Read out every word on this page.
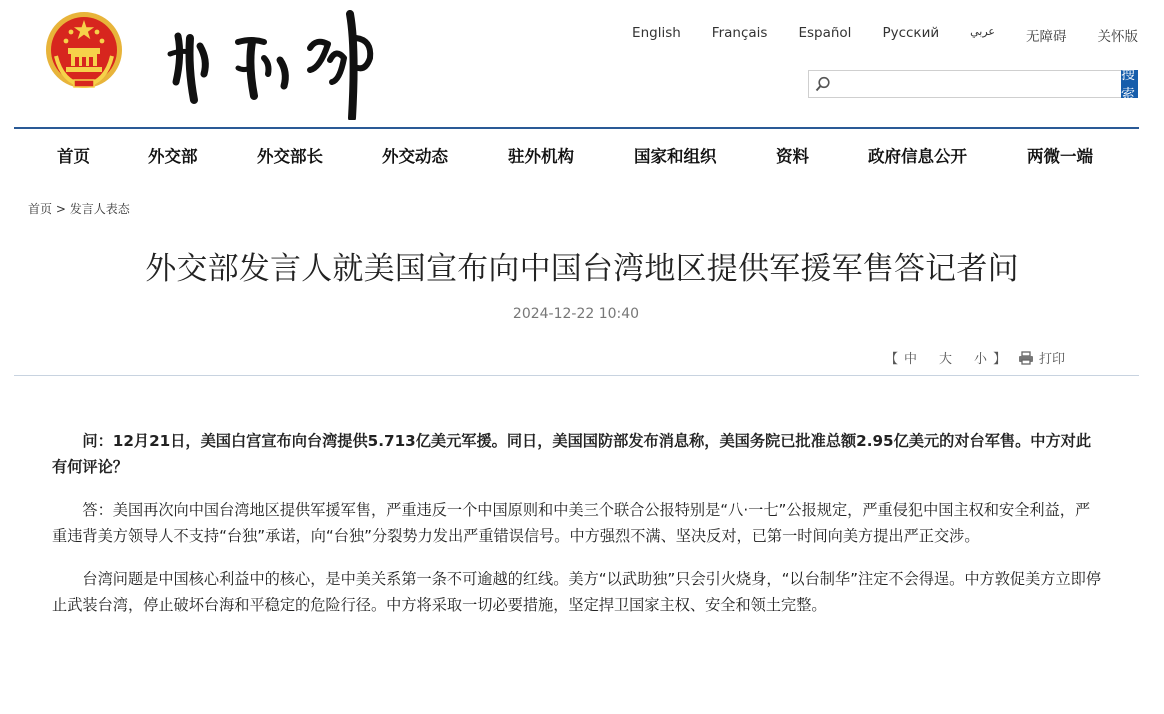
English Français Español Русский	عربي 无障碍 关怀版
搜索
首页	外交部	外交部长	外交动态	驻外机构	国家和组织	资料	政府信息公开	两微一端
首页 > 发言人表态
外交部发言人就美国宣布向中国台湾地区提供军援军售答记者问
2024-12-22 10:40
【 中 大 小 】	打印

问：12月21日，美国白宫宣布向台湾提供5.713亿美元军援。同日，美国国防部发布消息称，美国务院已批准总额2.95亿美元的对台军售。中方对此有何评论？

答：美国再次向中国台湾地区提供军援军售，严重违反一个中国原则和中美三个联合公报特别是“八·一七”公报规定，严重侵犯中国主权和安全利益，严重违背美方领导人不支持“台独”承诺，向“台独”分裂势力发出严重错误信号。中方强烈不满、坚决反对，已第一时间向美方提出严正交涉。

台湾问题是中国核心利益中的核心，是中美关系第一条不可逾越的红线。美方“以武助独”只会引火烧身，“以台制华”注定不会得逞。中方敦促美方立即停止武装台湾，停止破坏台海和平稳定的危险行径。中方将采取一切必要措施，坚定捍卫国家主权、安全和领土完整。
